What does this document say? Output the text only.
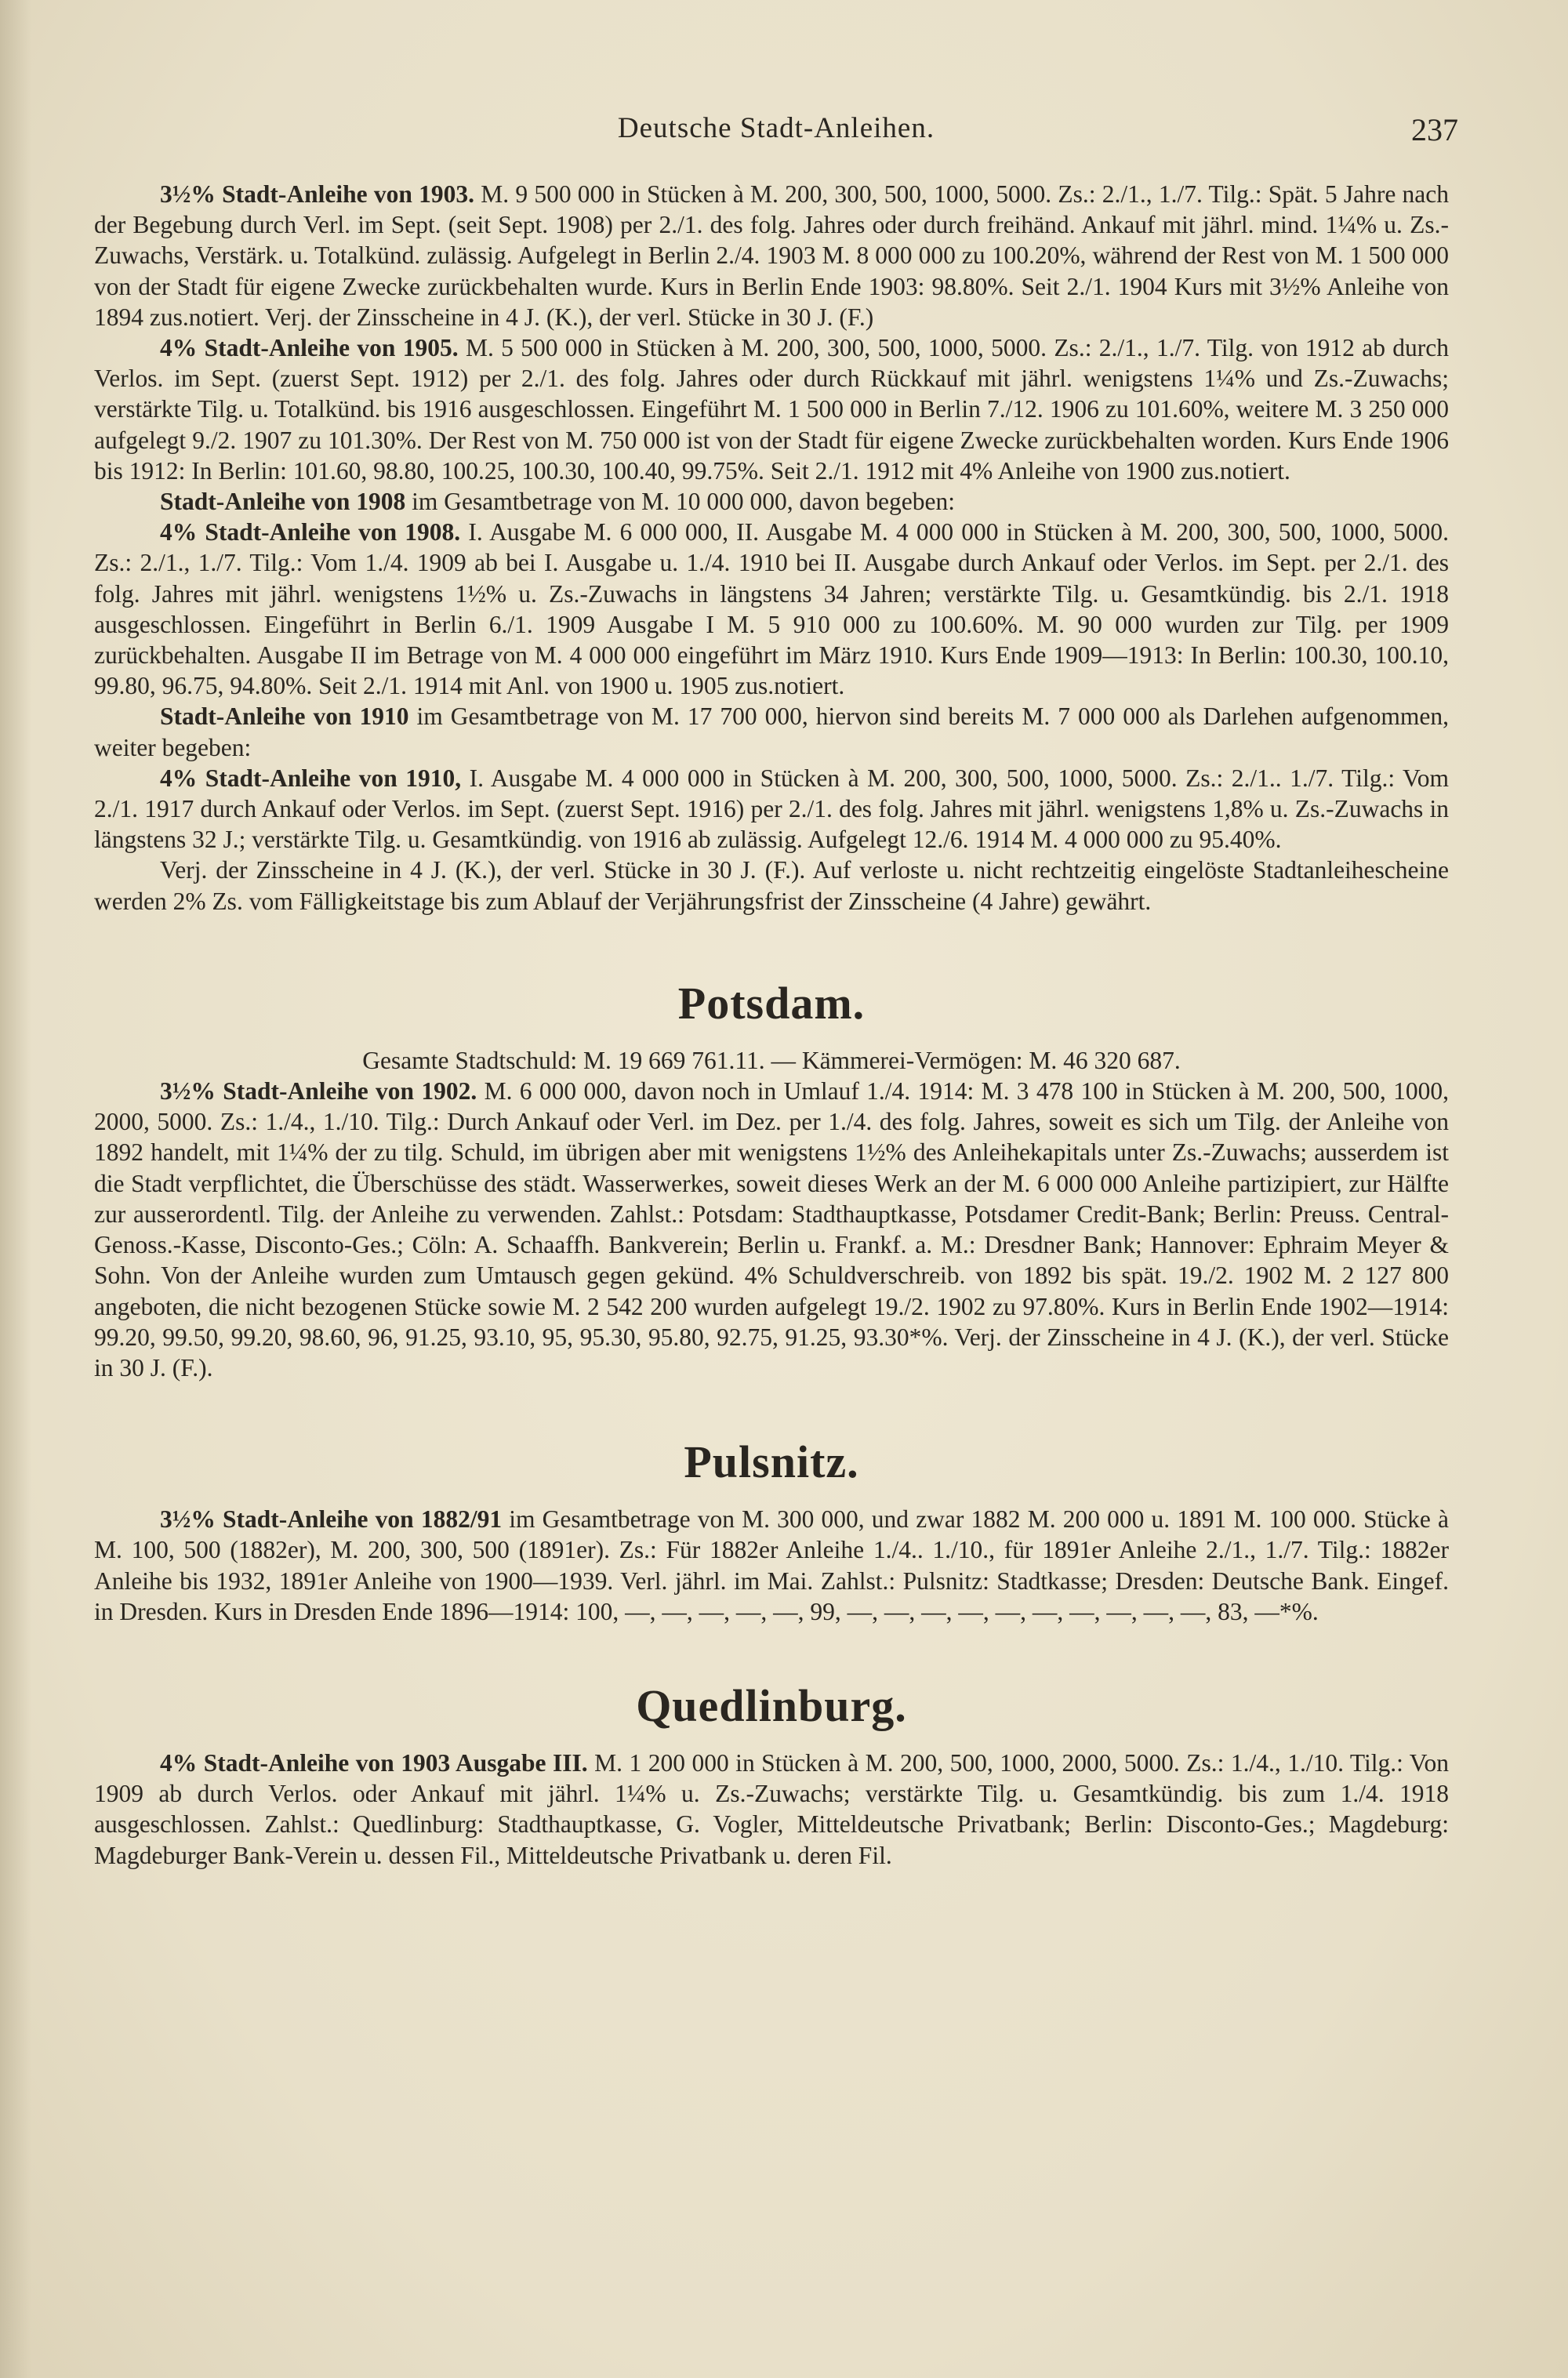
Deutsche Stadt-Anleihen.	237

3½% Stadt-Anleihe von 1903. M. 9 500 000 in Stücken à M. 200, 300, 500, 1000, 5000. Zs.: 2./1., 1./7. Tilg.: Spät. 5 Jahre nach der Begebung durch Verl. im Sept. (seit Sept. 1908) per 2./1. des folg. Jahres oder durch freihänd. Ankauf mit jährl. mind. 1¼% u. Zs.-Zuwachs, Verstärk. u. Totalkünd. zulässig. Aufgelegt in Berlin 2./4. 1903 M. 8 000 000 zu 100.20%, während der Rest von M. 1 500 000 von der Stadt für eigene Zwecke zurückbehalten wurde. Kurs in Berlin Ende 1903: 98.80%. Seit 2./1. 1904 Kurs mit 3½% Anleihe von 1894 zus.notiert. Verj. der Zinsscheine in 4 J. (K.), der verl. Stücke in 30 J. (F.)

4% Stadt-Anleihe von 1905. M. 5 500 000 in Stücken à M. 200, 300, 500, 1000, 5000. Zs.: 2./1., 1./7. Tilg. von 1912 ab durch Verlos. im Sept. (zuerst Sept. 1912) per 2./1. des folg. Jahres oder durch Rückkauf mit jährl. wenigstens 1¼% und Zs.-Zuwachs; verstärkte Tilg. u. Totalkünd. bis 1916 ausgeschlossen. Eingeführt M. 1 500 000 in Berlin 7./12. 1906 zu 101.60%, weitere M. 3 250 000 aufgelegt 9./2. 1907 zu 101.30%. Der Rest von M. 750 000 ist von der Stadt für eigene Zwecke zurückbehalten worden. Kurs Ende 1906 bis 1912: In Berlin: 101.60, 98.80, 100.25, 100.30, 100.40, 99.75%. Seit 2./1. 1912 mit 4% Anleihe von 1900 zus.notiert.

Stadt-Anleihe von 1908 im Gesamtbetrage von M. 10 000 000, davon begeben:

4% Stadt-Anleihe von 1908. I. Ausgabe M. 6 000 000, II. Ausgabe M. 4 000 000 in Stücken à M. 200, 300, 500, 1000, 5000. Zs.: 2./1., 1./7. Tilg.: Vom 1./4. 1909 ab bei I. Ausgabe u. 1./4. 1910 bei II. Ausgabe durch Ankauf oder Verlos. im Sept. per 2./1. des folg. Jahres mit jährl. wenigstens 1½% u. Zs.-Zuwachs in längstens 34 Jahren; verstärkte Tilg. u. Gesamtkündig. bis 2./1. 1918 ausgeschlossen. Eingeführt in Berlin 6./1. 1909 Ausgabe I M. 5 910 000 zu 100.60%. M. 90 000 wurden zur Tilg. per 1909 zurückbehalten. Ausgabe II im Betrage von M. 4 000 000 eingeführt im März 1910. Kurs Ende 1909—1913: In Berlin: 100.30, 100.10, 99.80, 96.75, 94.80%. Seit 2./1. 1914 mit Anl. von 1900 u. 1905 zus.notiert.

Stadt-Anleihe von 1910 im Gesamtbetrage von M. 17 700 000, hiervon sind bereits M. 7 000 000 als Darlehen aufgenommen, weiter begeben:

4% Stadt-Anleihe von 1910, I. Ausgabe M. 4 000 000 in Stücken à M. 200, 300, 500, 1000, 5000. Zs.: 2./1.. 1./7. Tilg.: Vom 2./1. 1917 durch Ankauf oder Verlos. im Sept. (zuerst Sept. 1916) per 2./1. des folg. Jahres mit jährl. wenigstens 1,8% u. Zs.-Zuwachs in längstens 32 J.; verstärkte Tilg. u. Gesamtkündig. von 1916 ab zulässig. Aufgelegt 12./6. 1914 M. 4 000 000 zu 95.40%.

Verj. der Zinsscheine in 4 J. (K.), der verl. Stücke in 30 J. (F.). Auf verloste u. nicht rechtzeitig eingelöste Stadtanleihescheine werden 2% Zs. vom Fälligkeitstage bis zum Ablauf der Verjährungsfrist der Zinsscheine (4 Jahre) gewährt.

Potsdam.

Gesamte Stadtschuld: M. 19 669 761.11. — Kämmerei-Vermögen: M. 46 320 687.

3½% Stadt-Anleihe von 1902. M. 6 000 000, davon noch in Umlauf 1./4. 1914: M. 3 478 100 in Stücken à M. 200, 500, 1000, 2000, 5000. Zs.: 1./4., 1./10. Tilg.: Durch Ankauf oder Verl. im Dez. per 1./4. des folg. Jahres, soweit es sich um Tilg. der Anleihe von 1892 handelt, mit 1¼% der zu tilg. Schuld, im übrigen aber mit wenigstens 1½% des Anleihekapitals unter Zs.-Zuwachs; ausserdem ist die Stadt verpflichtet, die Überschüsse des städt. Wasserwerkes, soweit dieses Werk an der M. 6 000 000 Anleihe partizipiert, zur Hälfte zur ausserordentl. Tilg. der Anleihe zu verwenden. Zahlst.: Potsdam: Stadthauptkasse, Potsdamer Credit-Bank; Berlin: Preuss. Central-Genoss.-Kasse, Disconto-Ges.; Cöln: A. Schaaffh. Bankverein; Berlin u. Frankf. a. M.: Dresdner Bank; Hannover: Ephraim Meyer & Sohn. Von der Anleihe wurden zum Umtausch gegen gekünd. 4% Schuldverschreib. von 1892 bis spät. 19./2. 1902 M. 2 127 800 angeboten, die nicht bezogenen Stücke sowie M. 2 542 200 wurden aufgelegt 19./2. 1902 zu 97.80%. Kurs in Berlin Ende 1902—1914: 99.20, 99.50, 99.20, 98.60, 96, 91.25, 93.10, 95, 95.30, 95.80, 92.75, 91.25, 93.30*%. Verj. der Zinsscheine in 4 J. (K.), der verl. Stücke in 30 J. (F.).

Pulsnitz.

3½% Stadt-Anleihe von 1882/91 im Gesamtbetrage von M. 300 000, und zwar 1882 M. 200 000 u. 1891 M. 100 000. Stücke à M. 100, 500 (1882er), M. 200, 300, 500 (1891er). Zs.: Für 1882er Anleihe 1./4.. 1./10., für 1891er Anleihe 2./1., 1./7. Tilg.: 1882er Anleihe bis 1932, 1891er Anleihe von 1900—1939. Verl. jährl. im Mai. Zahlst.: Pulsnitz: Stadtkasse; Dresden: Deutsche Bank. Eingef. in Dresden. Kurs in Dresden Ende 1896—1914: 100, —, —, —, —, —, 99, —, —, —, —, —, —, —, —, —, —, 83, —*%.

Quedlinburg.

4% Stadt-Anleihe von 1903 Ausgabe III. M. 1 200 000 in Stücken à M. 200, 500, 1000, 2000, 5000. Zs.: 1./4., 1./10. Tilg.: Von 1909 ab durch Verlos. oder Ankauf mit jährl. 1¼% u. Zs.-Zuwachs; verstärkte Tilg. u. Gesamtkündig. bis zum 1./4. 1918 ausgeschlossen. Zahlst.: Quedlinburg: Stadthauptkasse, G. Vogler, Mitteldeutsche Privatbank; Berlin: Disconto-Ges.; Magdeburg: Magdeburger Bank-Verein u. dessen Fil., Mitteldeutsche Privatbank u. deren Fil.
